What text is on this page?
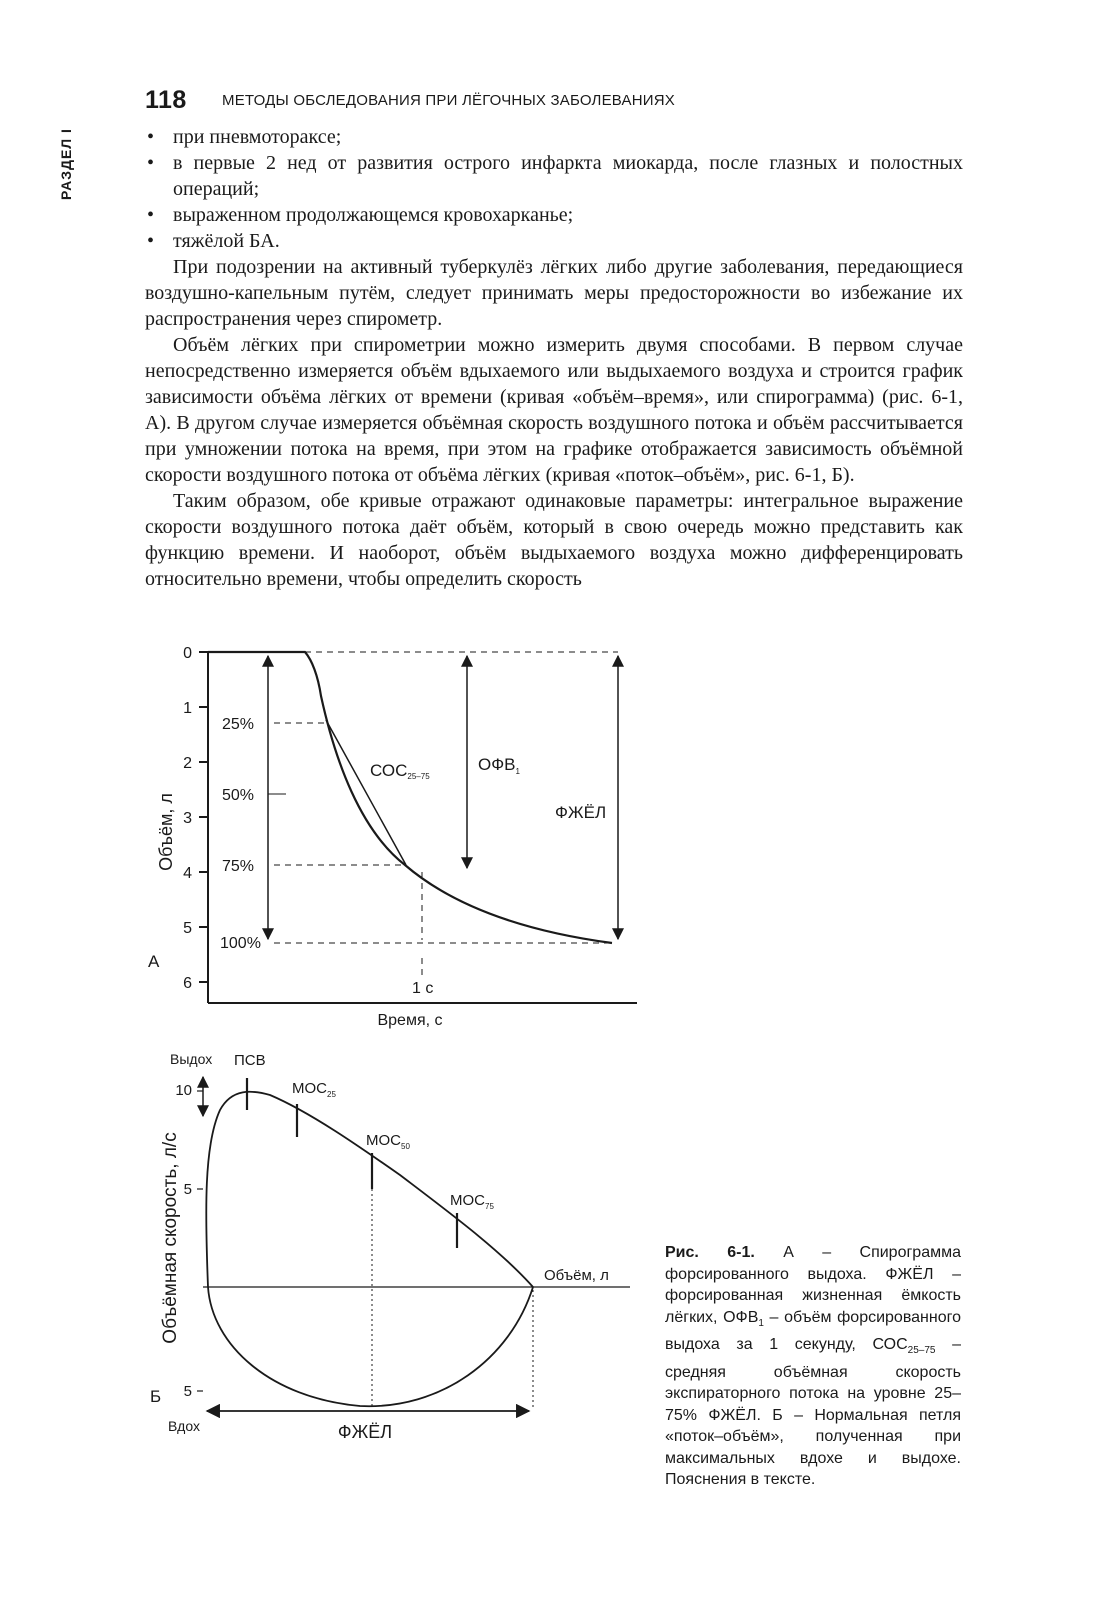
118 МЕТОДЫ ОБСЛЕДОВАНИЯ ПРИ ЛЁГОЧНЫХ ЗАБОЛЕВАНИЯХ
РАЗДЕЛ I
•	при пневмотораксе;
• в первые 2 нед от развития острого инфаркта миокарда, после глазных и полостных операций;
• выраженном продолжающемся кровохарканье;
• тяжёлой БА.

При подозрении на активный туберкулёз лёгких либо другие заболевания, передающиеся воздушно-капельным путём, следует принимать меры предосторожности во избежание их распространения через спирометр.

Объём лёгких при спирометрии можно измерить двумя способами. В первом случае непосредственно измеряется объём вдыхаемого или выдыхаемого воздуха и строится график зависимости объёма лёгких от времени (кривая «объём–время», или спирограмма) (рис. 6-1, А). В другом случае измеряется объёмная скорость воздушного потока и объём рассчитывается при умножении потока на время, при этом на графике отображается зависимость объёмной скорости воздушного потока от объёма лёгких (кривая «поток–объём», рис. 6-1, Б).

Таким образом, обе кривые отражают одинаковые параметры: интегральное выражение скорости воздушного потока даёт объём, который в свою очередь можно представить как функцию времени. И наоборот, объём выдыхаемого воздуха можно дифференцировать относительно времени, чтобы определить скорость

0
1
2
3
4
5
6
Объём, л
Время, с
А
25%
50%
75%
100%
1 с
СОС25–75
$ОФВ_1$
ФЖЁЛ
10
5
5
Выдох
Вдох
Объёмная скорость, л/с	Объём, л
Б
ПСВ
$МОС_{25}$
$МОС_{50}$
$МОС_{75}$
ФЖЁЛ
Рис. 6-1. А – Спирограмма форсированного выдоха. ФЖЁЛ – форсированная жизненная ёмкость лёгких, $ОФВ_1$ – объём форсированного выдоха за 1 секунду, $СОС_{25-75}$ – средняя объёмная скорость экспираторного потока на уровне 25–75% ФЖЁЛ. Б – Нормальная петля «поток–объём», полученная при максимальных вдохе и выдохе. Пояснения в тексте.
